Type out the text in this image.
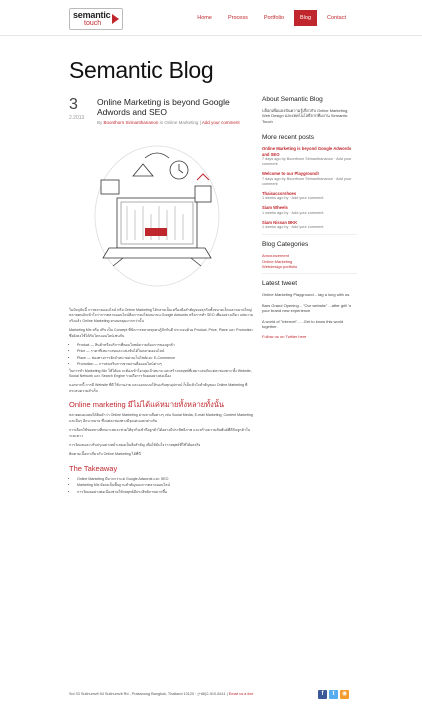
semantic
touch
Home	Process	Portfolio	Blog	Contact
Semantic Blog
3
2.2013
Online Marketing is beyond Google Adwords and SEO
By Boonthorn Sirinanthananon in Online Marketing | Add your comment

ในปัจจุบันนี้ การตลาดออนไลน์ หรือ Online Marketing ได้กลายเป็นเครื่องมือสำคัญของธุรกิจทั้งขนาดเล็กและขนาดใหญ่ หลายคนมักเข้าใจว่าการตลาดออนไลน์คือการลงโฆษณาบน Google Adwords หรือการทำ SEO เพียงอย่างเดียว แต่ความจริงแล้ว Online Marketing ครอบคลุมมากกว่านั้น

Marketing Mix หรือ 4Ps เป็น Concept ที่นักการตลาดทุกคนรู้จักกันดี ประกอบด้วย Product, Price, Place และ Promotion ซึ่งยังคงใช้ได้กับโลกออนไลน์เช่นกัน

• Product — สินค้าหรือบริการที่ตอบโจทย์ความต้องการของลูกค้า
• Price — ราคาที่เหมาะสมและแข่งขันได้ในตลาดออนไลน์
• Place — ช่องทางการจัดจำหน่ายผ่านเว็บไซต์และ E-Commerce
• Promotion — การส่งเสริมการขายผ่านสื่อออนไลน์ต่างๆ

ในการทำ Marketing Mix ให้ได้ผล จะต้องเข้าใจกลุ่มเป้าหมาย และสร้างกลยุทธ์ที่เหมาะสมกับแต่ละช่องทาง ทั้ง Website, Social Network และ Search Engine รวมถึงการวัดผลอย่างต่อเนื่อง

นอกจากนี้ การมี Website ที่ดี ใช้งานง่าย และออกแบบให้รองรับทุกอุปกรณ์ ก็เป็นหัวใจสำคัญของ Online Marketing ที่ประสบความสำเร็จ

Online marketing มีไม่ได้แค่หมายทั้งหลายทั้งนั้น

หลายคนคงเคยได้ยินคำว่า Online Marketing ผ่านทางสื่อต่างๆ เช่น Social Media, E-mail Marketing, Content Marketing และอื่นๆ อีกมากมาย ซึ่งแต่ละช่องทางมีจุดเด่นแตกต่างกัน

การเลือกใช้ช่องทางที่เหมาะสมจะช่วยให้ธุรกิจเข้าถึงลูกค้าได้อย่างมีประสิทธิภาพ และสร้างความสัมพันธ์ที่ดีกับลูกค้าในระยะยาว

การวัดผลและปรับปรุงอย่างสม่ำเสมอเป็นสิ่งสำคัญ เพื่อให้มั่นใจว่ากลยุทธ์ที่ใช้ได้ผลจริง

ติดตามเนื้อหาเกี่ยวกับ Online Marketing ได้ที่นี่

The Takeaway
• Online Marketing มีมากกว่าแค่ Google Adwords และ SEO
• Marketing Mix ยังคงเป็นพื้นฐานสำคัญของการตลาดออนไลน์
• การวัดผลอย่างต่อเนื่องช่วยให้กลยุทธ์มีประสิทธิภาพมากขึ้น
About Semantic Blog
บล็อกเพื่อแบ่งปันความรู้เกี่ยวกับ Online Marketing, Web Design และเทคโนโลยีจากทีมงาน Semantic Touch
More recent posts
Online Marketing is beyond Google Adwords and SEO
7 days ago by Boonthorn Sirinanthananon · Add your comment
Welcome to our Playground!
7 days ago by Boonthorn Sirinanthananon · Add your comment
Thaisaccorshoes
1 weeks ago by · Add your comment
Siam Wheels
1 weeks ago by · Add your comment
Siam Nissan BKK
1 weeks ago by · Add your comment
Blog Categories
Announcement
Online Marketing
Webdesign portfolio
Latest tweet
Online Marketing Playground... tag a long with us.
Bars Grand Opening... "Our website" ...after grill 'n your brand new experience
A world of "Internet"......Get to know this world together.
Follow us on Twitter here
Soi 33 Sukhumvit 54 Sukhumvit Rd., Prakanong Bangkok, Thailand 10120 · (+66)2-910-8411 | Email us a line	f	t	◉
